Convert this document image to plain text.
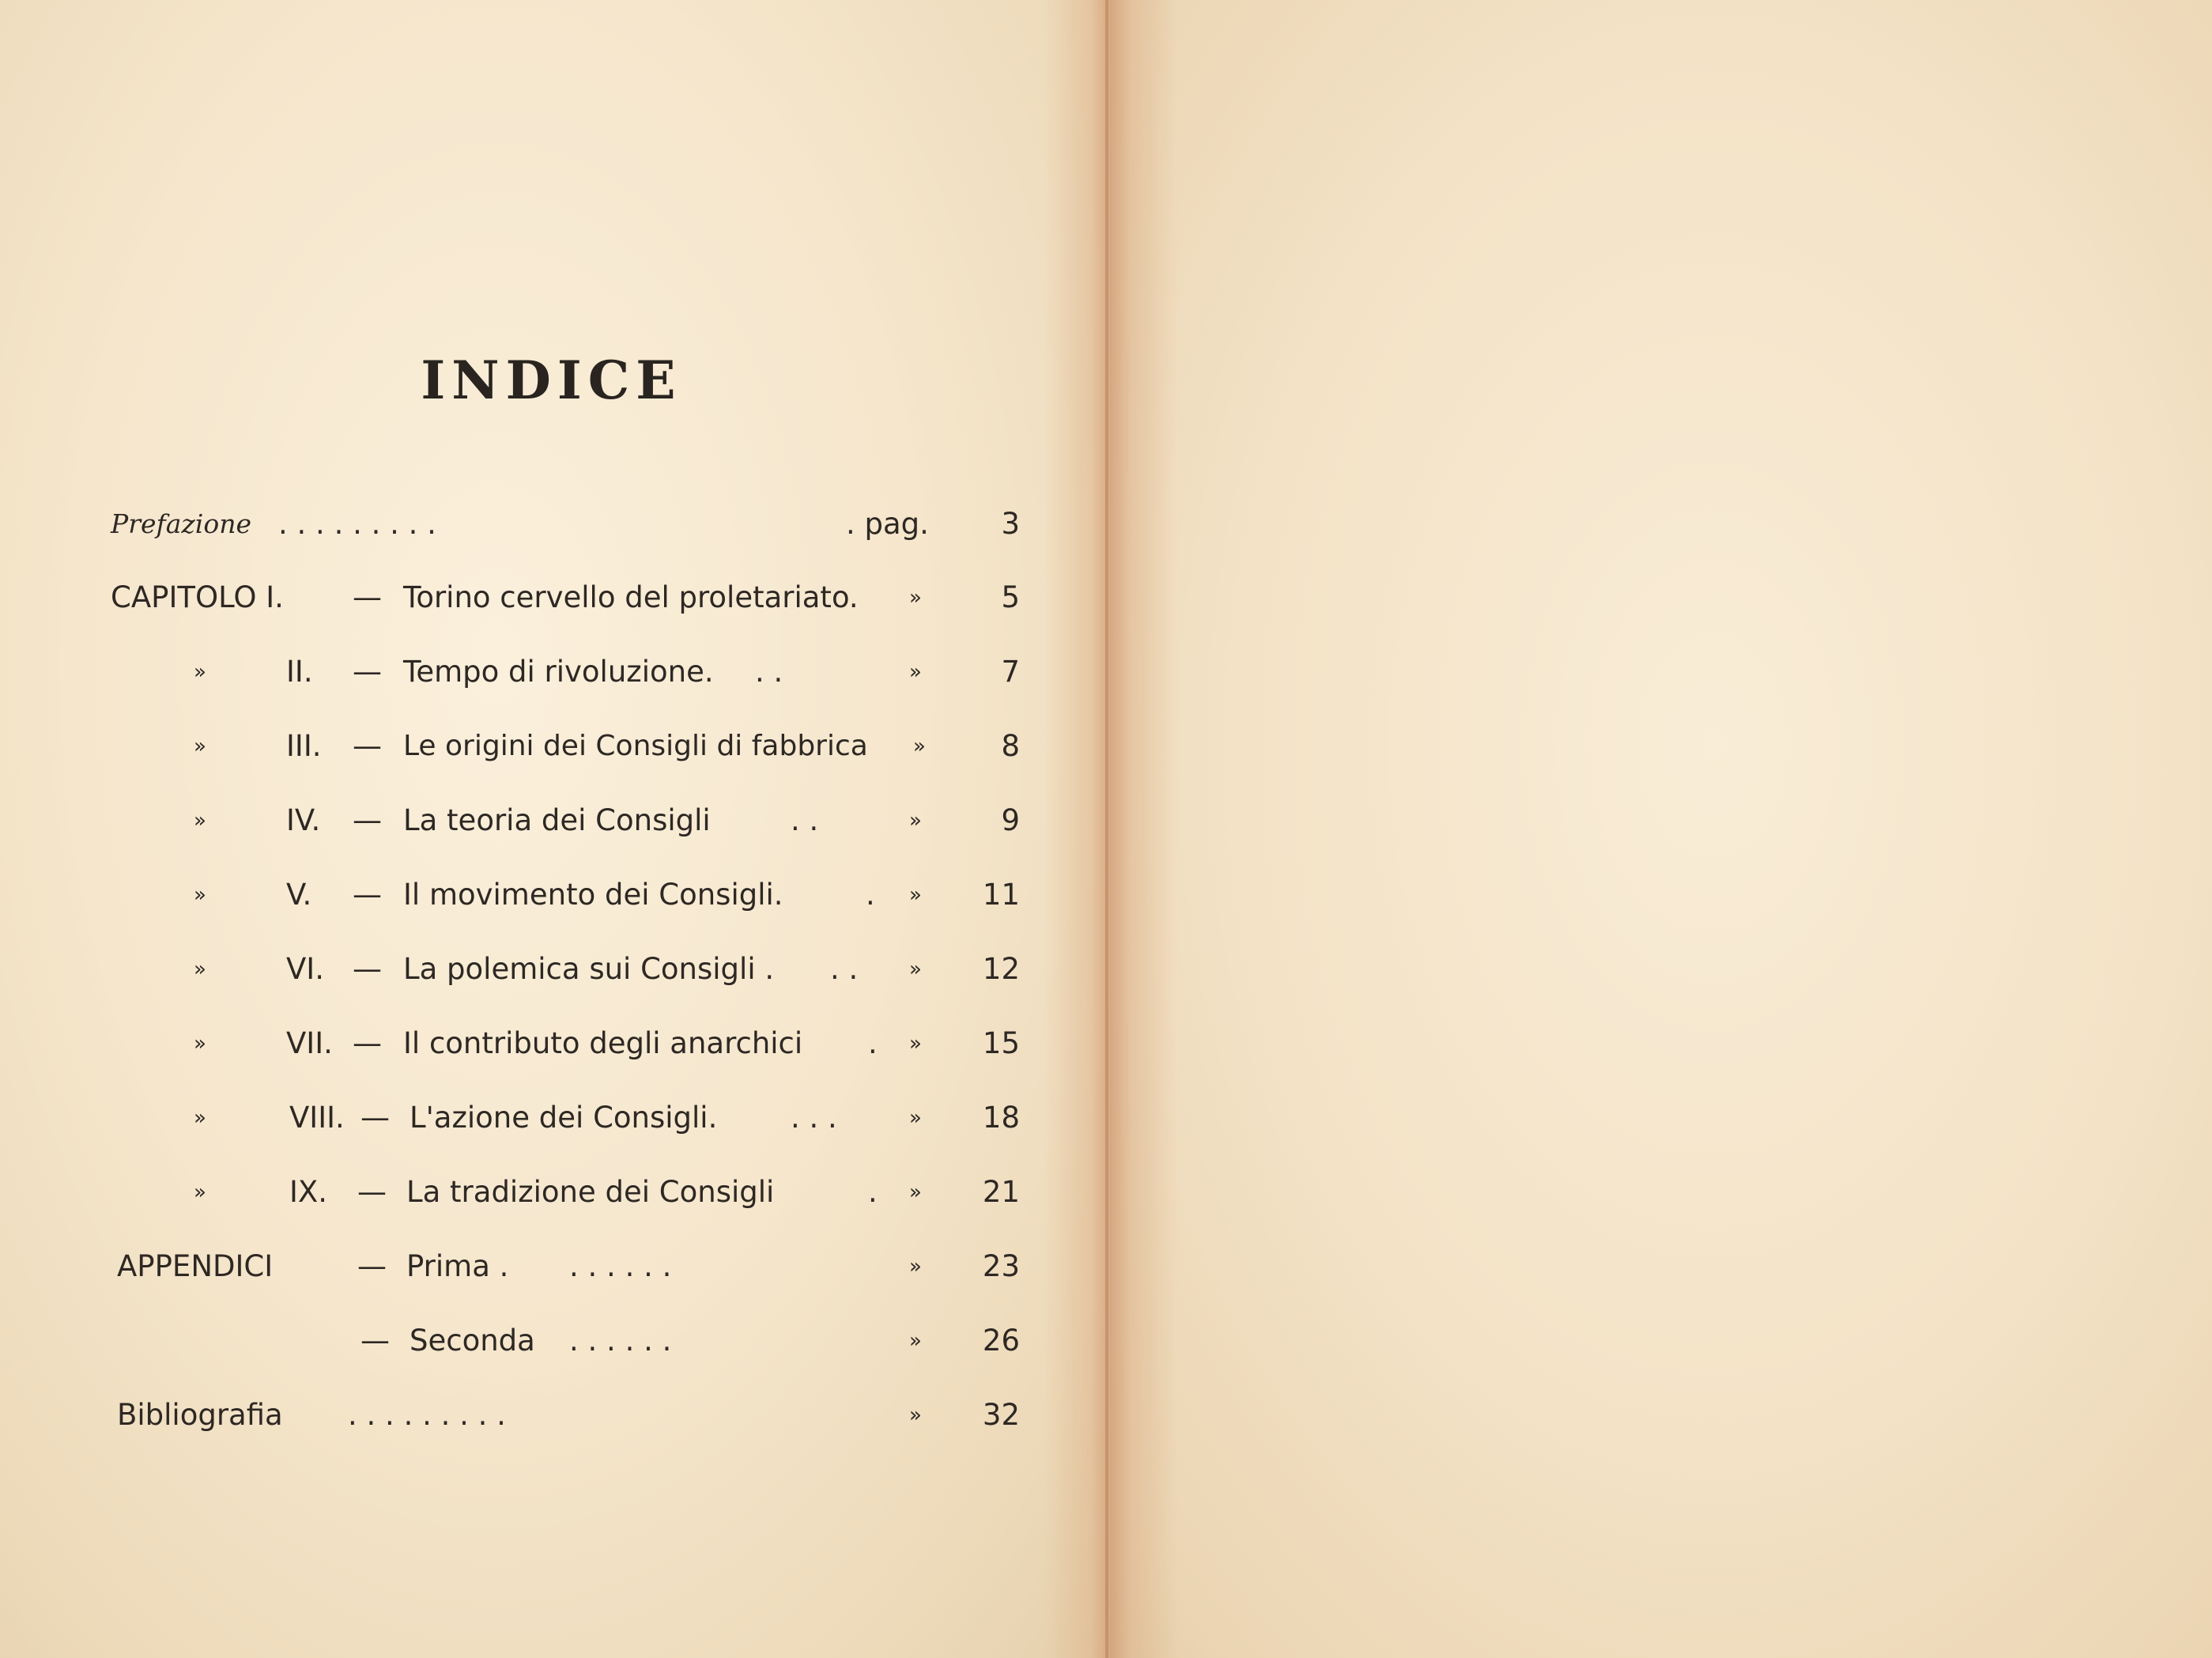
INDICE
Prefazione . . . . . . . . .	. pag.	3
CAPITOLO I. — Torino cervello del proletariato. »	5
»	II. — Tempo di rivoluzione. . .	»	7
»	III. — Le origini dei Consigli di fabbrica »	8
»	IV. — La teoria dei Consigli	. .	»	9
»	V. — Il movimento dei Consigli.	. »	11
»	VI. — La polemica sui Consigli . . . »	12
»	VII. — Il contributo degli anarchici . »	15
»	VIII. — L'azione dei Consigli.	. . .	»	18
»	IX. — La tradizione dei Consigli	. »	21
APPENDICI	— Prima . . . . . . .	»	23
— Seconda . . . . . .	»	26
Bibliografia . . . . . . . . .	»	32
